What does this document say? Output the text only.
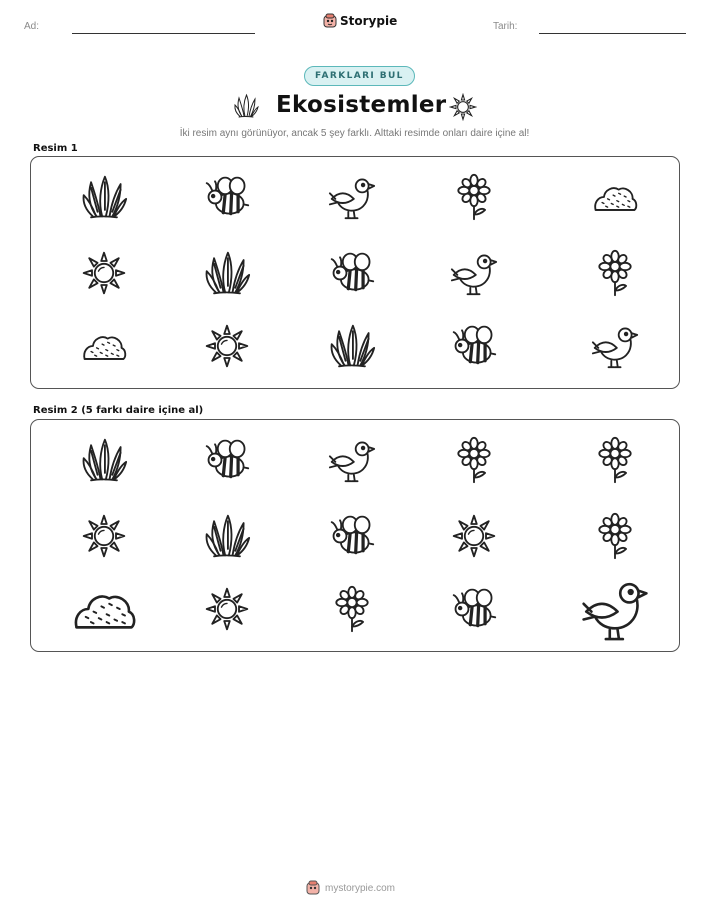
Ad:	Storypie	Tarih:
FARKLARI BUL
Ekosistemler
İki resim aynı görünüyor, ancak 5 şey farklı. Alttaki resimde onları daire içine al!
Resim 1
Resim 2 (5 farkı daire içine al)
mystorypie.com
